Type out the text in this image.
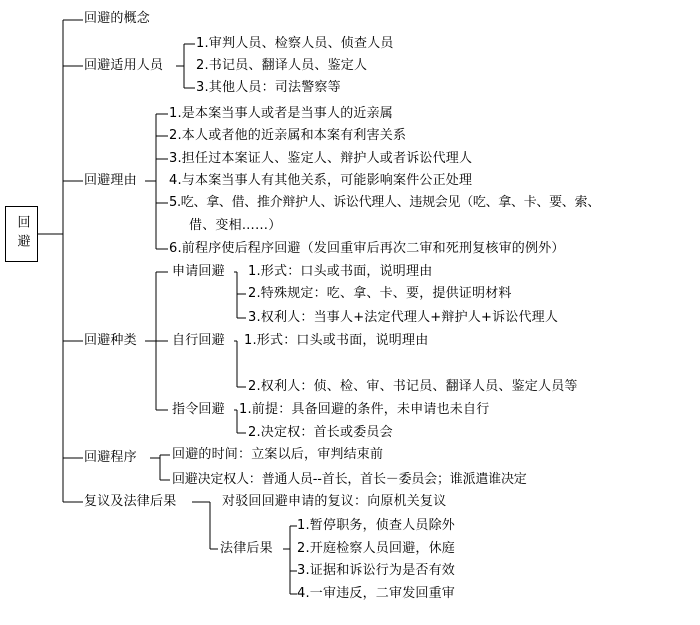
回避
回避的概念
回避适用人员
回避理由
回避种类
回避程序
复议及法律后果
1.审判人员、检察人员、侦查人员
2.书记员、翻译人员、鉴定人
3.其他人员：司法警察等
1.是本案当事人或者是当事人的近亲属
2.本人或者他的近亲属和本案有利害关系
3.担任过本案证人、鉴定人、辩护人或者诉讼代理人
4.与本案当事人有其他关系，可能影响案件公正处理
5.吃、拿、借、推介辩护人、诉讼代理人、违规会见（吃、拿、卡、要、索、
借、变相……）
6.前程序使后程序回避（发回重审后再次二审和死刑复核审的例外）
申请回避 1.形式：口头或书面，说明理由
2.特殊规定：吃、拿、卡、要，提供证明材料
3.权利人：当事人+法定代理人+辩护人+诉讼代理人
自行回避 1.形式：口头或书面，说明理由
2.权利人：侦、检、审、书记员、翻译人员、鉴定人员等
指令回避 1.前提：具备回避的条件，未申请也未自行
2.决定权：首长或委员会
回避的时间：立案以后，审判结束前
回避决定权人：普通人员--首长，首长－委员会；谁派遣谁决定
对驳回回避申请的复议：向原机关复议
法律后果
1.暂停职务，侦查人员除外
2.开庭检察人员回避，休庭
3.证据和诉讼行为是否有效
4.一审违反，二审发回重审
